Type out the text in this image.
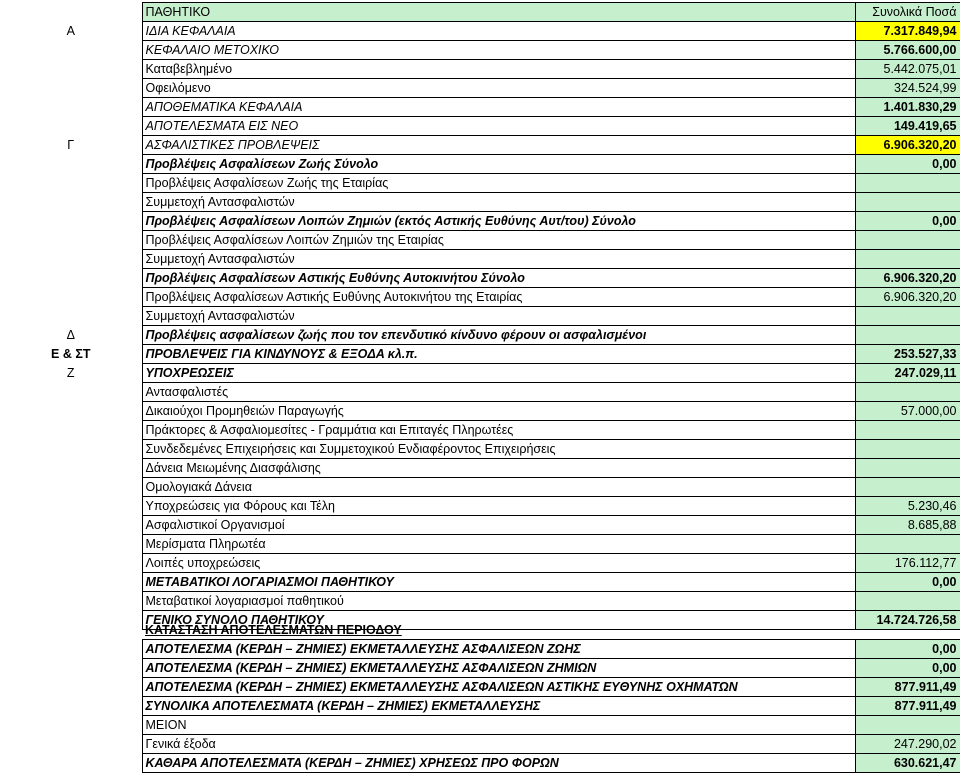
	ΠΑΘΗΤΙΚΟ	Συνολικά Ποσά
Α	ΙΔΙΑ ΚΕΦΑΛΑΙΑ	7.317.849,94
	ΚΕΦΑΛΑΙΟ ΜΕΤΟΧΙΚΟ	5.766.600,00
	Καταβεβλημένο	5.442.075,01
	Οφειλόμενο	324.524,99
	ΑΠΟΘΕΜΑΤΙΚΑ ΚΕΦΑΛΑΙΑ	1.401.830,29
	ΑΠΟΤΕΛΕΣΜΑΤΑ ΕΙΣ ΝΕΟ	149.419,65
Γ	ΑΣΦΑΛΙΣΤΙΚΕΣ ΠΡΟΒΛΕΨΕΙΣ	6.906.320,20
	Προβλέψεις Ασφαλίσεων Ζωής Σύνολο	0,00
	Προβλέψεις Ασφαλίσεων Ζωής της Εταιρίας	
	Συμμετοχή Αντασφαλιστών	
	Προβλέψεις Ασφαλίσεων Λοιπών Ζημιών (εκτός Αστικής Ευθύνης Αυτ/του) Σύνολο	0,00
	Προβλέψεις Ασφαλίσεων Λοιπών Ζημιών της Εταιρίας	
	Συμμετοχή Αντασφαλιστών	
	Προβλέψεις Ασφαλίσεων Αστικής Ευθύνης Αυτοκινήτου Σύνολο	6.906.320,20
	Προβλέψεις Ασφαλίσεων Αστικής Ευθύνης Αυτοκινήτου της Εταιρίας	6.906.320,20
	Συμμετοχή Αντασφαλιστών	
Δ	Προβλέψεις ασφαλίσεων ζωής που τον επενδυτικό κίνδυνο φέρουν οι ασφαλισμένοι	
Ε & ΣΤ	ΠΡΟΒΛΕΨΕΙΣ ΓΙΑ ΚΙΝΔΥΝΟΥΣ & ΕΞΟΔΑ κλ.π.	253.527,33
Ζ	ΥΠΟΧΡΕΩΣΕΙΣ	247.029,11
	Αντασφαλιστές	
	Δικαιούχοι Προμηθειών Παραγωγής	57.000,00
	Πράκτορες & Ασφαλιομεσίτες - Γραμμάτια και Επιταγές Πληρωτέες	
	Συνδεδεμένες Επιχειρήσεις και Συμμετοχικού Ενδιαφέροντος Επιχειρήσεις	
	Δάνεια Μειωμένης Διασφάλισης	
	Ομολογιακά Δάνεια	
	Υποχρεώσεις για Φόρους και Τέλη	5.230,46
	Ασφαλιστικοί Οργανισμοί	8.685,88
	Μερίσματα Πληρωτέα	
	Λοιπές υποχρεώσεις	176.112,77
	ΜΕΤΑΒΑΤΙΚΟΙ ΛΟΓΑΡΙΑΣΜΟΙ ΠΑΘΗΤΙΚΟΥ	0,00
	Μεταβατικοί λογαριασμοί παθητικού	
	ΓΕΝΙΚΟ ΣΥΝΟΛΟ ΠΑΘΗΤΙΚΟΥ	14.724.726,58
	ΚΑΤΑΣΤΑΣΗ ΑΠΟΤΕΛΕΣΜΑΤΩΝ ΠΕΡΙΟΔΟΥ	
	ΑΠΟΤΕΛΕΣΜΑ (ΚΕΡΔΗ – ΖΗΜΙΕΣ) ΕΚΜΕΤΑΛΛΕΥΣΗΣ ΑΣΦΑΛΙΣΕΩΝ ΖΩΗΣ	0,00
	ΑΠΟΤΕΛΕΣΜΑ (ΚΕΡΔΗ – ΖΗΜΙΕΣ) ΕΚΜΕΤΑΛΛΕΥΣΗΣ ΑΣΦΑΛΙΣΕΩΝ ΖΗΜΙΩΝ	0,00
	ΑΠΟΤΕΛΕΣΜΑ (ΚΕΡΔΗ – ΖΗΜΙΕΣ) ΕΚΜΕΤΑΛΛΕΥΣΗΣ ΑΣΦΑΛΙΣΕΩΝ ΑΣΤΙΚΗΣ ΕΥΘΥΝΗΣ ΟΧΗΜΑΤΩΝ	877.911,49
	ΣΥΝΟΛΙΚΑ ΑΠΟΤΕΛΕΣΜΑΤΑ (ΚΕΡΔΗ – ΖΗΜΙΕΣ) ΕΚΜΕΤΑΛΛΕΥΣΗΣ	877.911,49
	ΜΕΙΟΝ	
	Γενικά έξοδα	247.290,02
	ΚΑΘΑΡΑ ΑΠΟΤΕΛΕΣΜΑΤΑ (ΚΕΡΔΗ – ΖΗΜΙΕΣ) ΧΡΗΣΕΩΣ ΠΡΟ ΦΟΡΩΝ	630.621,47
